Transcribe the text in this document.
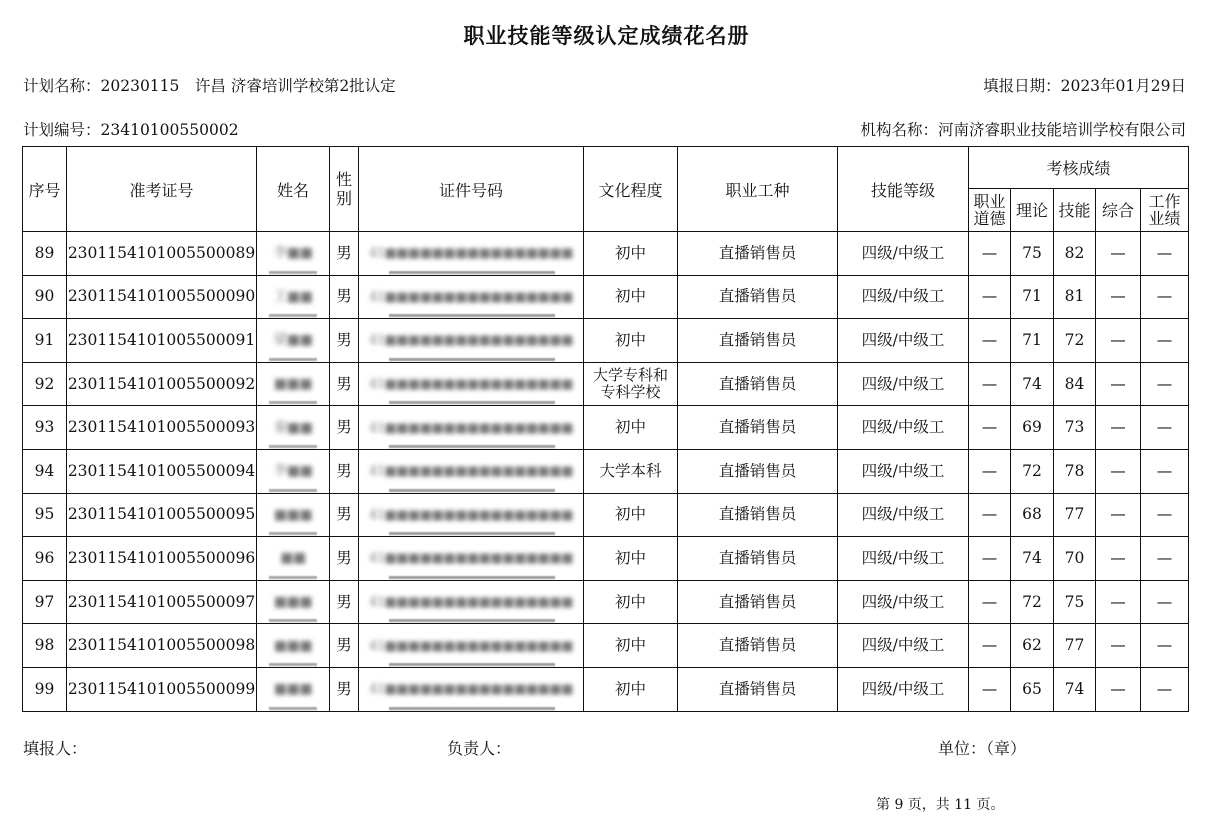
职业技能等级认定成绩花名册
计划名称：20230115　许昌 济睿培训学校第2批认定	填报日期：2023年01月29日
计划编号：23410100550002	机构名称：河南济睿职业技能培训学校有限公司
序号	准考证号	姓名	性别	证件号码	文化程度	职业工种	技能等级	考核成绩				
								职业道德	理论	技能	综合	工作业绩
89	2301154101005500089	李■■	男	41■■■■■■■■■■■■■■■■	初中	直播销售员	四级/中级工	—	75	82	—	—
90	2301154101005500090	王■■	男	41■■■■■■■■■■■■■■■■	初中	直播销售员	四级/中级工	—	71	81	—	—
91	2301154101005500091	梁■■	男	41■■■■■■■■■■■■■■■■	初中	直播销售员	四级/中级工	—	71	72	—	—
92	2301154101005500092	■■■	男	41■■■■■■■■■■■■■■■■	大学专科和专科学校	直播销售员	四级/中级工	—	74	84	—	—
93	2301154101005500093	秦■■	男	41■■■■■■■■■■■■■■■■	初中	直播销售员	四级/中级工	—	69	73	—	—
94	2301154101005500094	李■■	男	41■■■■■■■■■■■■■■■■	大学本科	直播销售员	四级/中级工	—	72	78	—	—
95	2301154101005500095	■■■	男	41■■■■■■■■■■■■■■■■	初中	直播销售员	四级/中级工	—	68	77	—	—
96	2301154101005500096	■■	男	41■■■■■■■■■■■■■■■■	初中	直播销售员	四级/中级工	—	74	70	—	—
97	2301154101005500097	■■■	男	41■■■■■■■■■■■■■■■■	初中	直播销售员	四级/中级工	—	72	75	—	—
98	2301154101005500098	■■■	男	41■■■■■■■■■■■■■■■■	初中	直播销售员	四级/中级工	—	62	77	—	—
99	2301154101005500099	■■■	男	41■■■■■■■■■■■■■■■■	初中	直播销售员	四级/中级工	—	65	74	—	—
填报人：	负责人：	单位：（章）
第 9 页，共 11 页。
